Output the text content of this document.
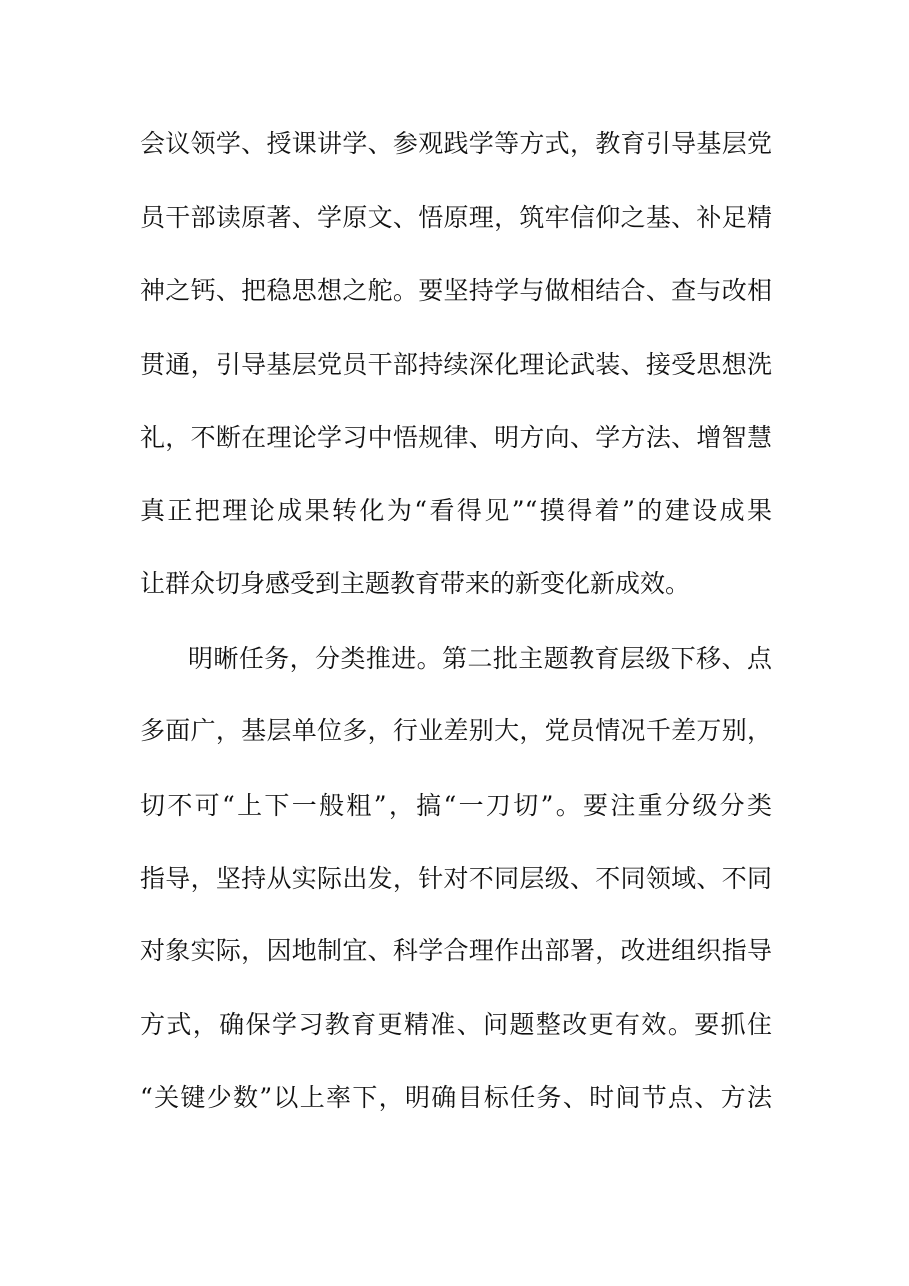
会议领学、授课讲学、参观践学等方式，教育引导基层党
员干部读原著、学原文、悟原理，筑牢信仰之基、补足精
神之钙、把稳思想之舵。要坚持学与做相结合、查与改相
贯通，引导基层党员干部持续深化理论武装、接受思想洗
礼，不断在理论学习中悟规律、明方向、学方法、增智慧
真正把理论成果转化为“看得见”“摸得着”的建设成果
让群众切身感受到主题教育带来的新变化新成效。
明晰任务，分类推进。第二批主题教育层级下移、点
多面广，基层单位多，行业差别大，党员情况千差万别，
切不可“上下一般粗”，搞“一刀切”。要注重分级分类
指导，坚持从实际出发，针对不同层级、不同领域、不同
对象实际，因地制宜、科学合理作出部署，改进组织指导
方式，确保学习教育更精准、问题整改更有效。要抓住
“关键少数”以上率下，明确目标任务、时间节点、方法
